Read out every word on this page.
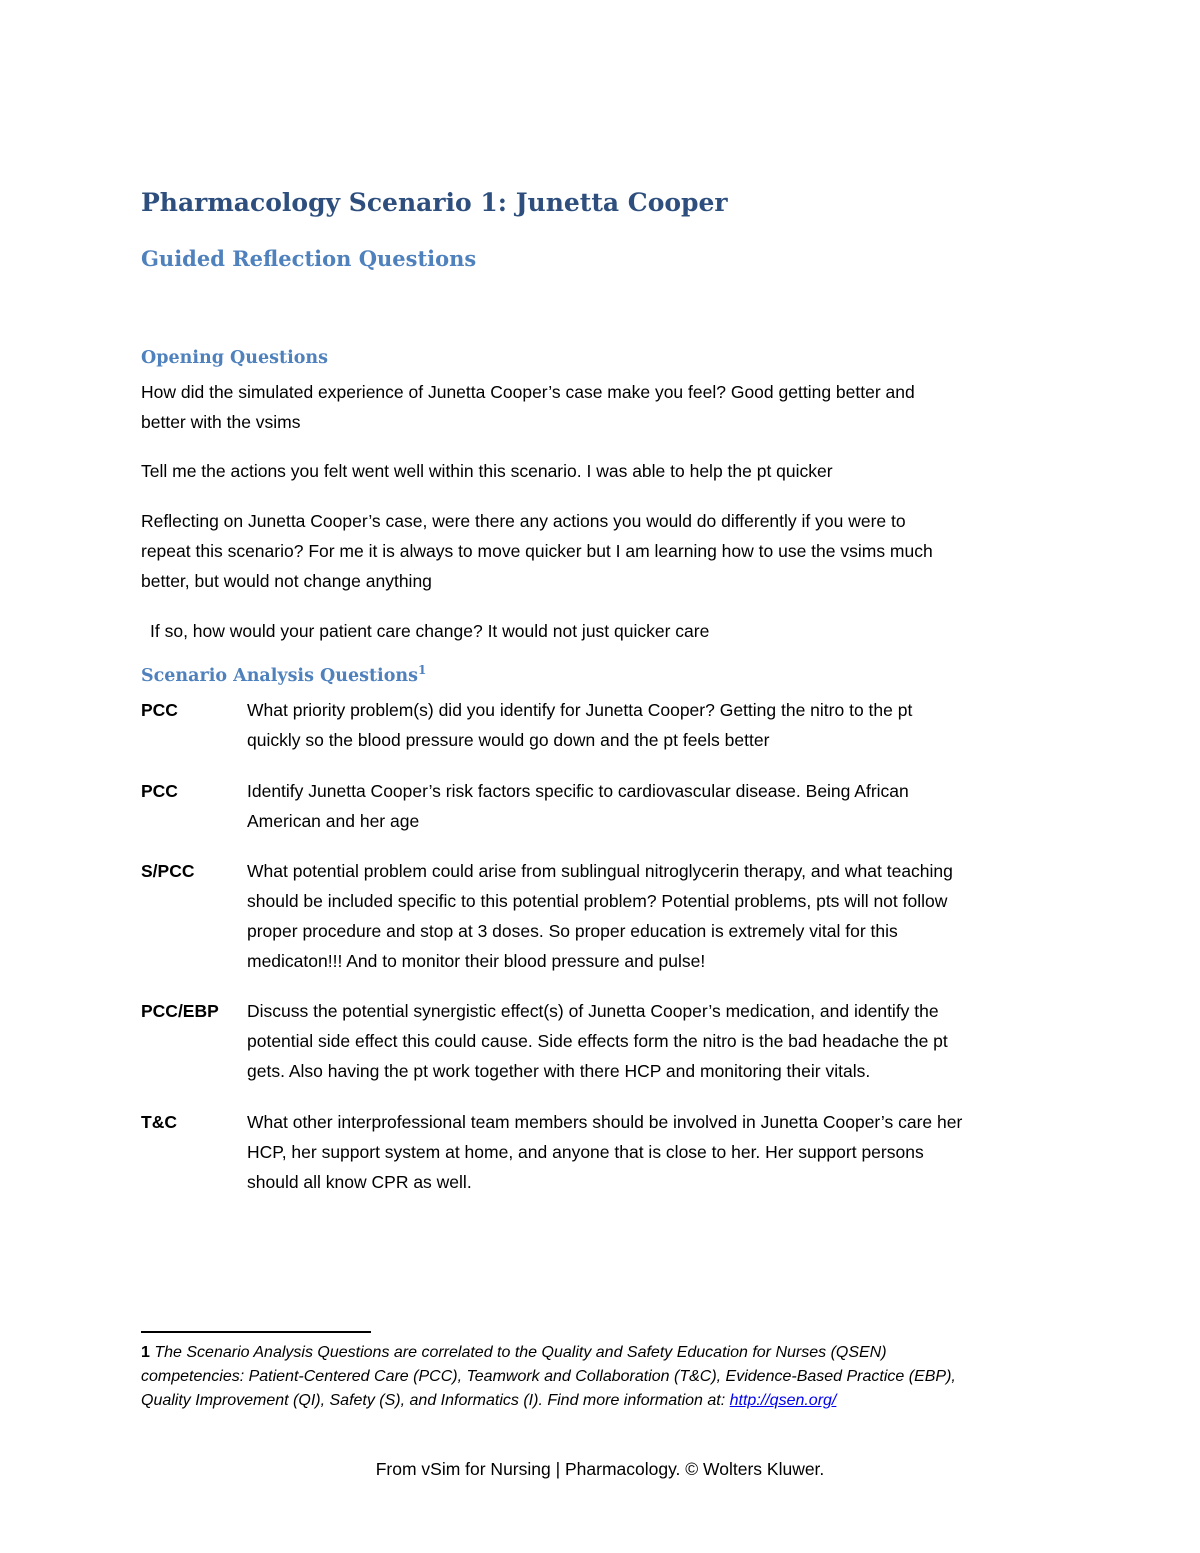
Pharmacology Scenario 1: Junetta Cooper
Guided Reflection Questions
Opening Questions
How did the simulated experience of Junetta Cooper’s case make you feel? Good getting better and
better with the vsims
Tell me the actions you felt went well within this scenario. I was able to help the pt quicker
Reflecting on Junetta Cooper’s case, were there any actions you would do differently if you were to
repeat this scenario? For me it is always to move quicker but I am learning how to use the vsims much
better, but would not change anything
If so, how would your patient care change? It would not just quicker care
Scenario Analysis Questions$^1$
PCC	What priority problem(s) did you identify for Junetta Cooper? Getting the nitro to the pt
quickly so the blood pressure would go down and the pt feels better
PCC	Identify Junetta Cooper’s risk factors specific to cardiovascular disease. Being African
American and her age
S/PCC	What potential problem could arise from sublingual nitroglycerin therapy, and what teaching
should be included specific to this potential problem? Potential problems, pts will not follow
proper procedure and stop at 3 doses. So proper education is extremely vital for this
medicaton!!! And to monitor their blood pressure and pulse!
PCC/EBP Discuss the potential synergistic effect(s) of Junetta Cooper’s medication, and identify the
potential side effect this could cause. Side effects form the nitro is the bad headache the pt
gets. Also having the pt work together with there HCP and monitoring their vitals.
T&C	What other interprofessional team members should be involved in Junetta Cooper’s care her
HCP, her support system at home, and anyone that is close to her. Her support persons
should all know CPR as well.
1 The Scenario Analysis Questions are correlated to the Quality and Safety Education for Nurses (QSEN)
competencies: Patient-Centered Care (PCC), Teamwork and Collaboration (T&C), Evidence-Based Practice (EBP),
Quality Improvement (QI), Safety (S), and Informatics (I). Find more information at: http://qsen.org/

From vSim for Nursing | Pharmacology. © Wolters Kluwer.
